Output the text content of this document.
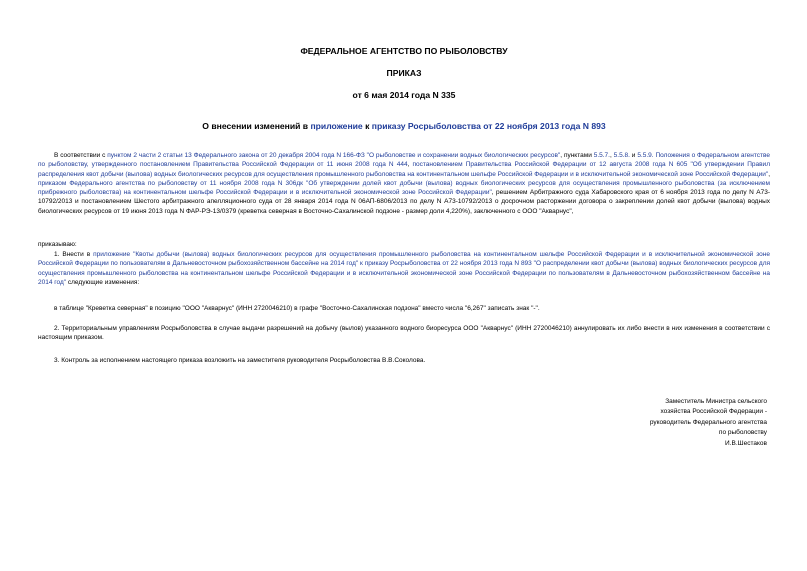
ФЕДЕРАЛЬНОЕ АГЕНТСТВО ПО РЫБОЛОВСТВУ
ПРИКАЗ
от 6 мая 2014 года N 335
О внесении изменений в приложение к приказу Росрыболовства от 22 ноября 2013 года N 893
В соответствии с пунктом 2 части 2 статьи 13 Федерального закона от 20 декабря 2004 года N 166-ФЗ "О рыболовстве и сохранении водных биологических ресурсов", пунктами 5.5.7., 5.5.8. и 5.5.9. Положения о Федеральном агентстве по рыболовству, утвержденного постановлением Правительства Российской Федерации от 11 июня 2008 года N 444, постановлением Правительства Российской Федерации от 12 августа 2008 года N 605 "Об утверждении Правил распределения квот добычи (вылова) водных биологических ресурсов для осуществления промышленного рыболовства на континентальном шельфе Российской Федерации и в исключительной экономической зоне Российской Федерации", приказом Федерального агентства по рыболовству от 11 ноября 2008 года N 306дк "Об утверждении долей квот добычи (вылова) водных биологических ресурсов для осуществления промышленного рыболовства (за исключением прибрежного рыболовства) на континентальном шельфе Российской Федерации и в исключительной экономической зоне Российской Федерации", решением Арбитражного суда Хабаровского края от 6 ноября 2013 года по делу N А73-10792/2013 и постановлением Шестого арбитражного апелляционного суда от 28 января 2014 года N 06АП-6806/2013 по делу N А73-10792/2013 о досрочном расторжении договора о закреплении долей квот добычи (вылова) водных биологических ресурсов от 19 июня 2013 года N ФАР-РЭ-13/0379 (креветка северная в Восточно-Сахалинской подзоне - размер доли 4,220%), заключенного с ООО "Акварнус",
приказываю:
1. Внести в приложение "Квоты добычи (вылова) водных биологических ресурсов для осуществления промышленного рыболовства на континентальном шельфе Российской Федерации и в исключительной экономической зоне Российской Федерации по пользователям в Дальневосточном рыбохозяйственном бассейне на 2014 год" к приказу Росрыболовства от 22 ноября 2013 года N 893 "О распределении квот добычи (вылова) водных биологических ресурсов для осуществления промышленного рыболовства на континентальном шельфе Российской Федерации и в исключительной экономической зоне Российской Федерации по пользователям в Дальневосточном рыбохозяйственном бассейне на 2014 год" следующие изменения:
в таблице "Креветка северная" в позицию "ООО "Акварнус" (ИНН 2720046210) в графе "Восточно-Сахалинская подзона" вместо числа "6,267" записать знак "-".
2. Территориальным управлениям Росрыболовства в случае выдачи разрешений на добычу (вылов) указанного водного биоресурса ООО "Акварнус" (ИНН 2720046210) аннулировать их либо внести в них изменения в соответствии с настоящим приказом.
3. Контроль за исполнением настоящего приказа возложить на заместителя руководителя Росрыболовства В.В.Соколова.
Заместитель Министра сельского
хозяйства Российской Федерации -
руководитель Федерального агентства
по рыболовству
И.В.Шестаков
